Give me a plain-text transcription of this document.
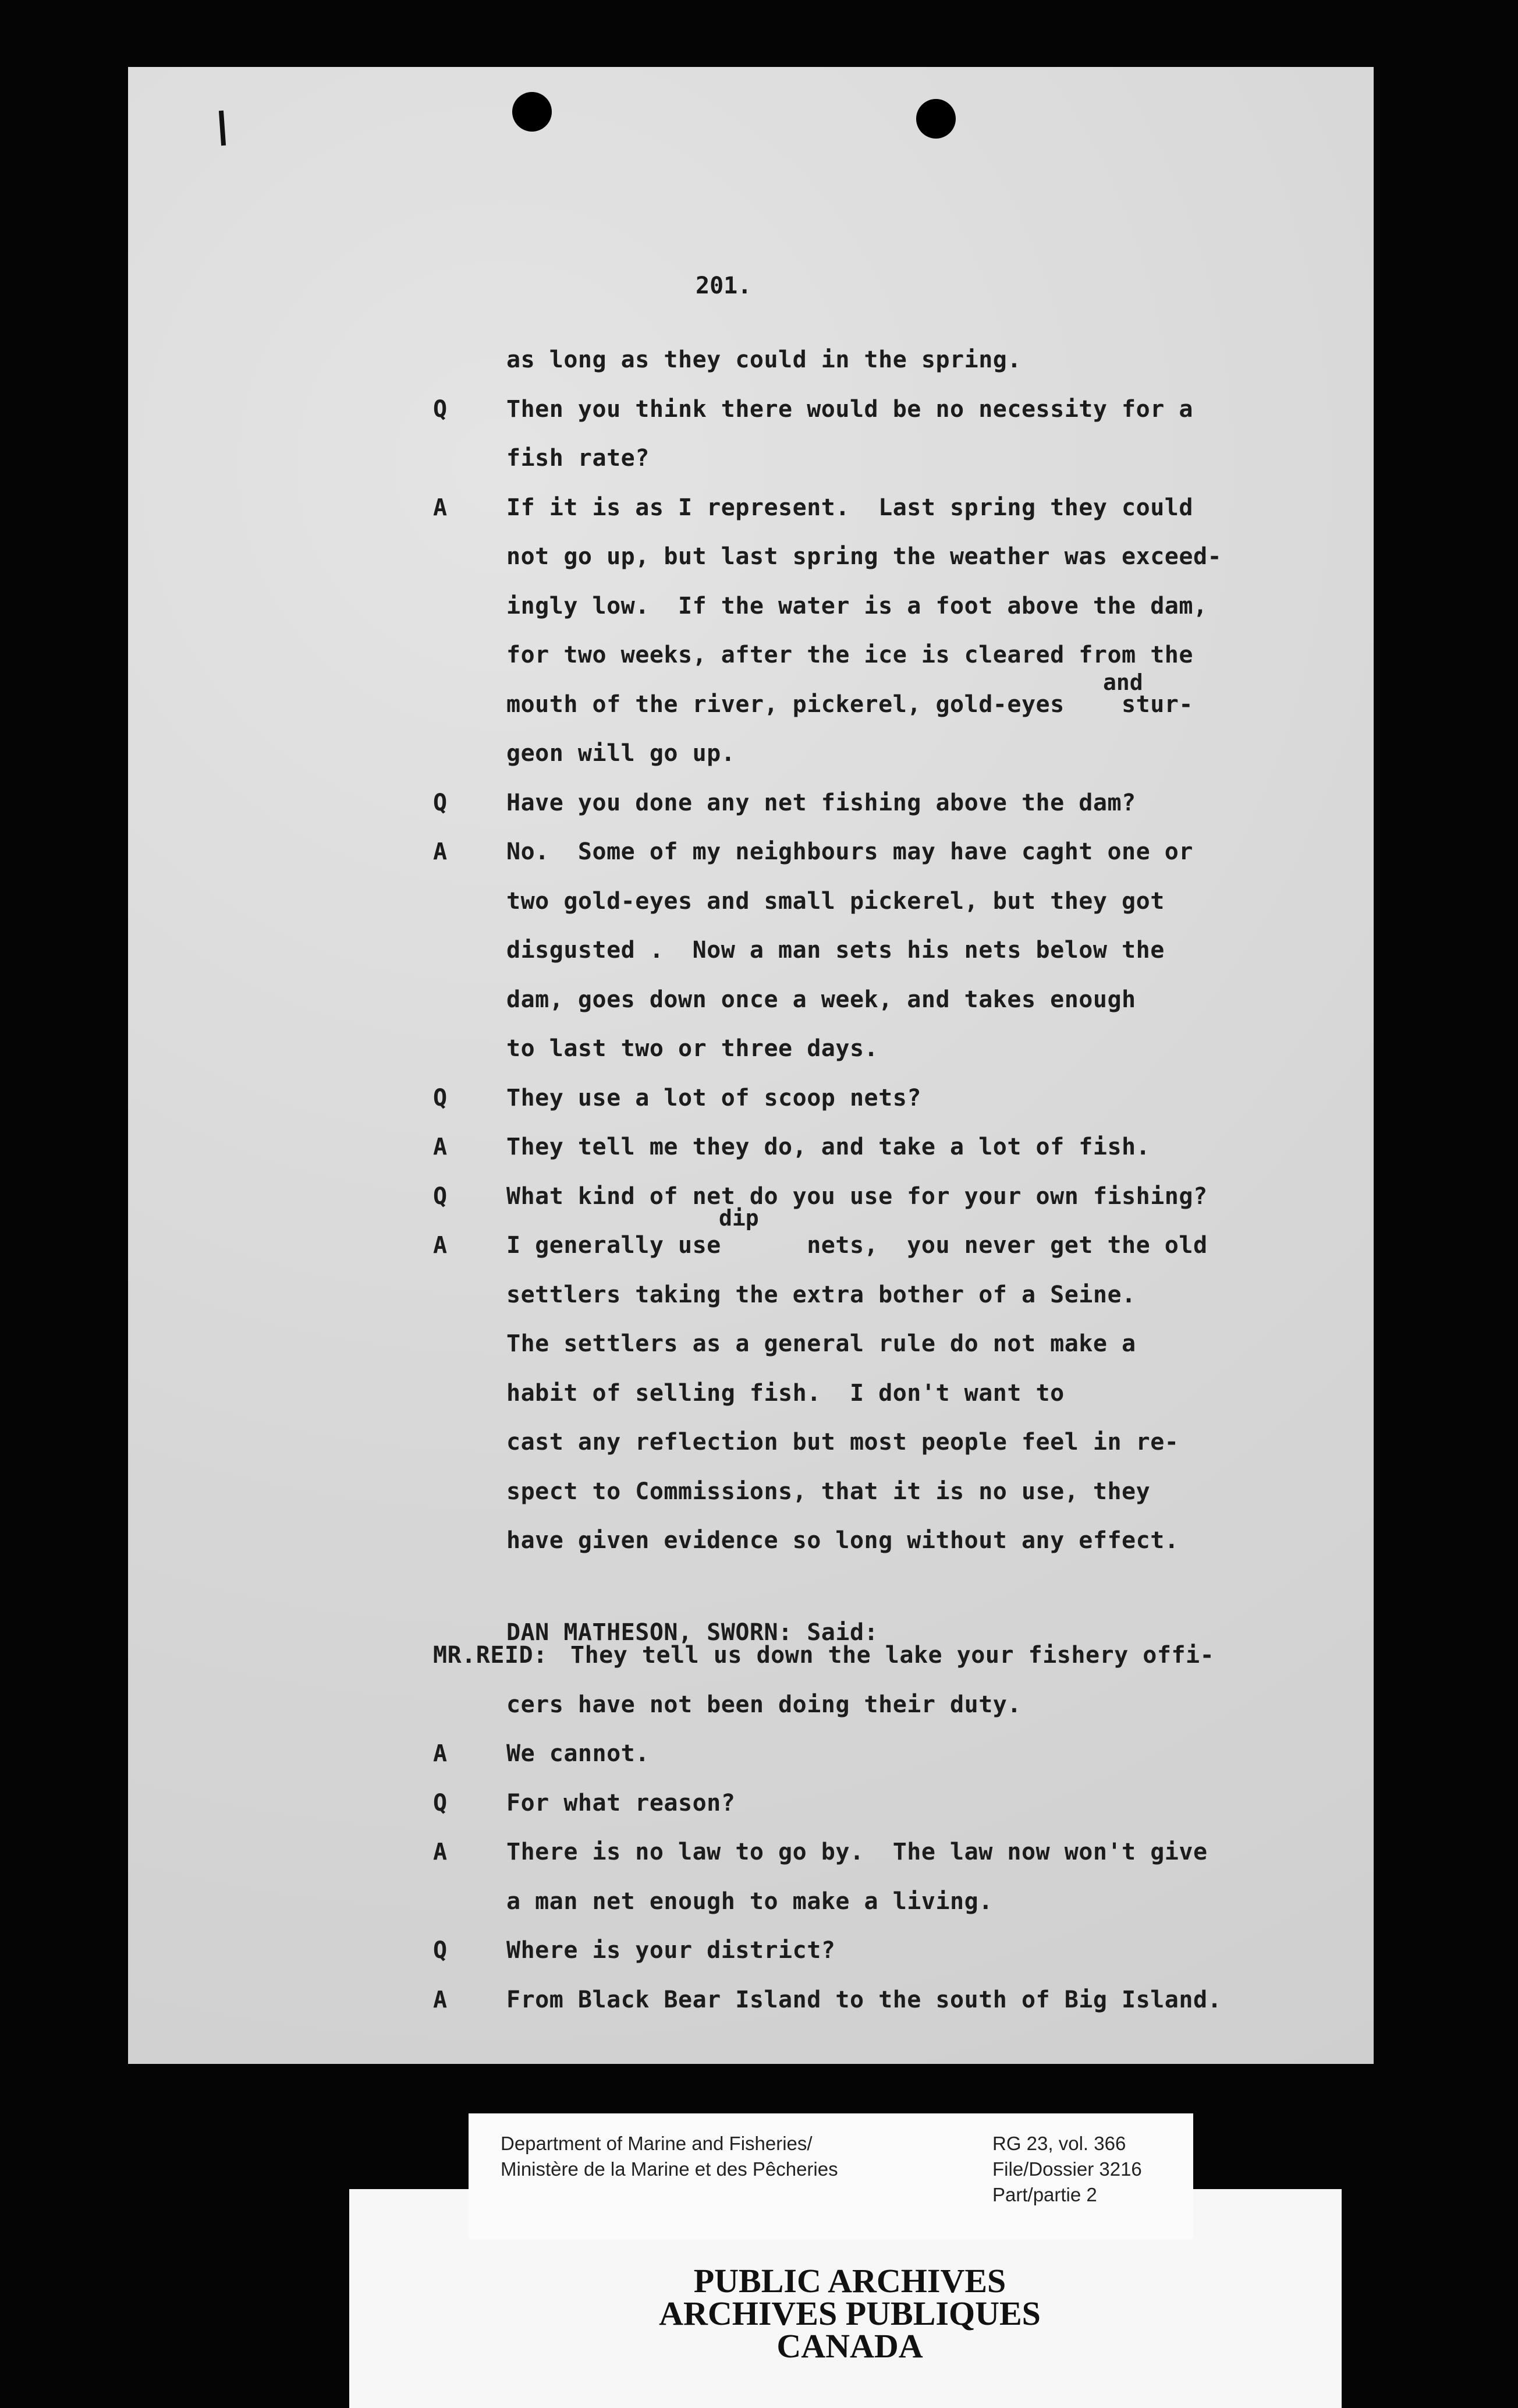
201.
as long as they could in the spring.
Q	Then you think there would be no necessity for a
fish rate?
A	If it is as I represent.  Last spring they could
not go up, but last spring the weather was exceed-
ingly low.  If the water is a foot above the dam,
for two weeks, after the ice is cleared from the
mouth of the river, pickerel, gold-eyes    stur-
geon will go up.
Q	Have you done any net fishing above the dam?
A	No.  Some of my neighbours may have caght one or
two gold-eyes and small pickerel, but they got
disgusted .  Now a man sets his nets below the
dam, goes down once a week, and takes enough
to last two or three days.
Q	They use a lot of scoop nets?
A	They tell me they do, and take a lot of fish.
Q	What kind of net do you use for your own fishing?
A	I generally use      nets,  you never get the old
settlers taking the extra bother of a Seine.
The settlers as a general rule do not make a
habit of selling fish.  I don't want to
cast any reflection but most people feel in re-
spect to Commissions, that it is no use, they
have given evidence so long without any effect.
and
dip

DAN MATHESON, SWORN: Said:

MR.REID: They tell us down the lake your fishery offi-
cers have not been doing their duty.
A	We cannot.
Q	For what reason?
A	There is no law to go by.  The law now won't give
a man net enough to make a living.
Q	Where is your district?
A	From Black Bear Island to the south of Big Island.
Department of Marine and Fisheries/
Ministère de la Marine et des Pêcheries
RG 23, vol. 366
File/Dossier 3216
Part/partie 2
PUBLIC ARCHIVES
ARCHIVES PUBLIQUES
CANADA
